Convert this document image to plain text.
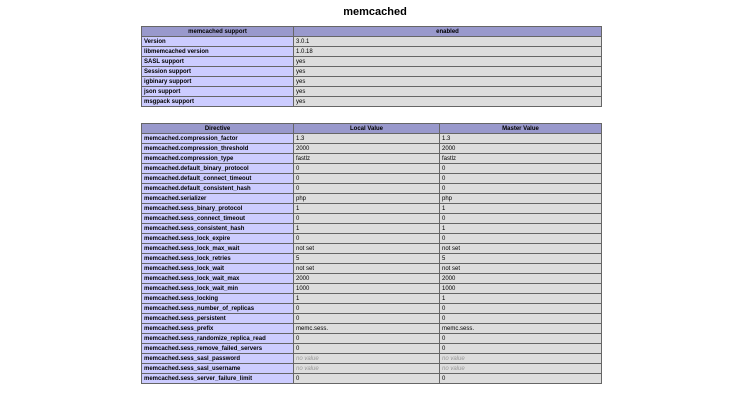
memcached
memcached support	enabled
Version	3.0.1
libmemcached version	1.0.18
SASL support	yes
Session support	yes
igbinary support	yes
json support	yes
msgpack support	yes
Directive	Local Value	Master Value
memcached.compression_factor	1.3	1.3
memcached.compression_threshold	2000	2000
memcached.compression_type	fastlz	fastlz
memcached.default_binary_protocol	0	0
memcached.default_connect_timeout	0	0
memcached.default_consistent_hash	0	0
memcached.serializer	php	php
memcached.sess_binary_protocol	1	1
memcached.sess_connect_timeout	0	0
memcached.sess_consistent_hash	1	1
memcached.sess_lock_expire	0	0
memcached.sess_lock_max_wait	not set	not set
memcached.sess_lock_retries	5	5
memcached.sess_lock_wait	not set	not set
memcached.sess_lock_wait_max	2000	2000
memcached.sess_lock_wait_min	1000	1000
memcached.sess_locking	1	1
memcached.sess_number_of_replicas	0	0
memcached.sess_persistent	0	0
memcached.sess_prefix	memc.sess.	memc.sess.
memcached.sess_randomize_replica_read	0	0
memcached.sess_remove_failed_servers	0	0
memcached.sess_sasl_password	no value	no value
memcached.sess_sasl_username	no value	no value
memcached.sess_server_failure_limit	0	0
